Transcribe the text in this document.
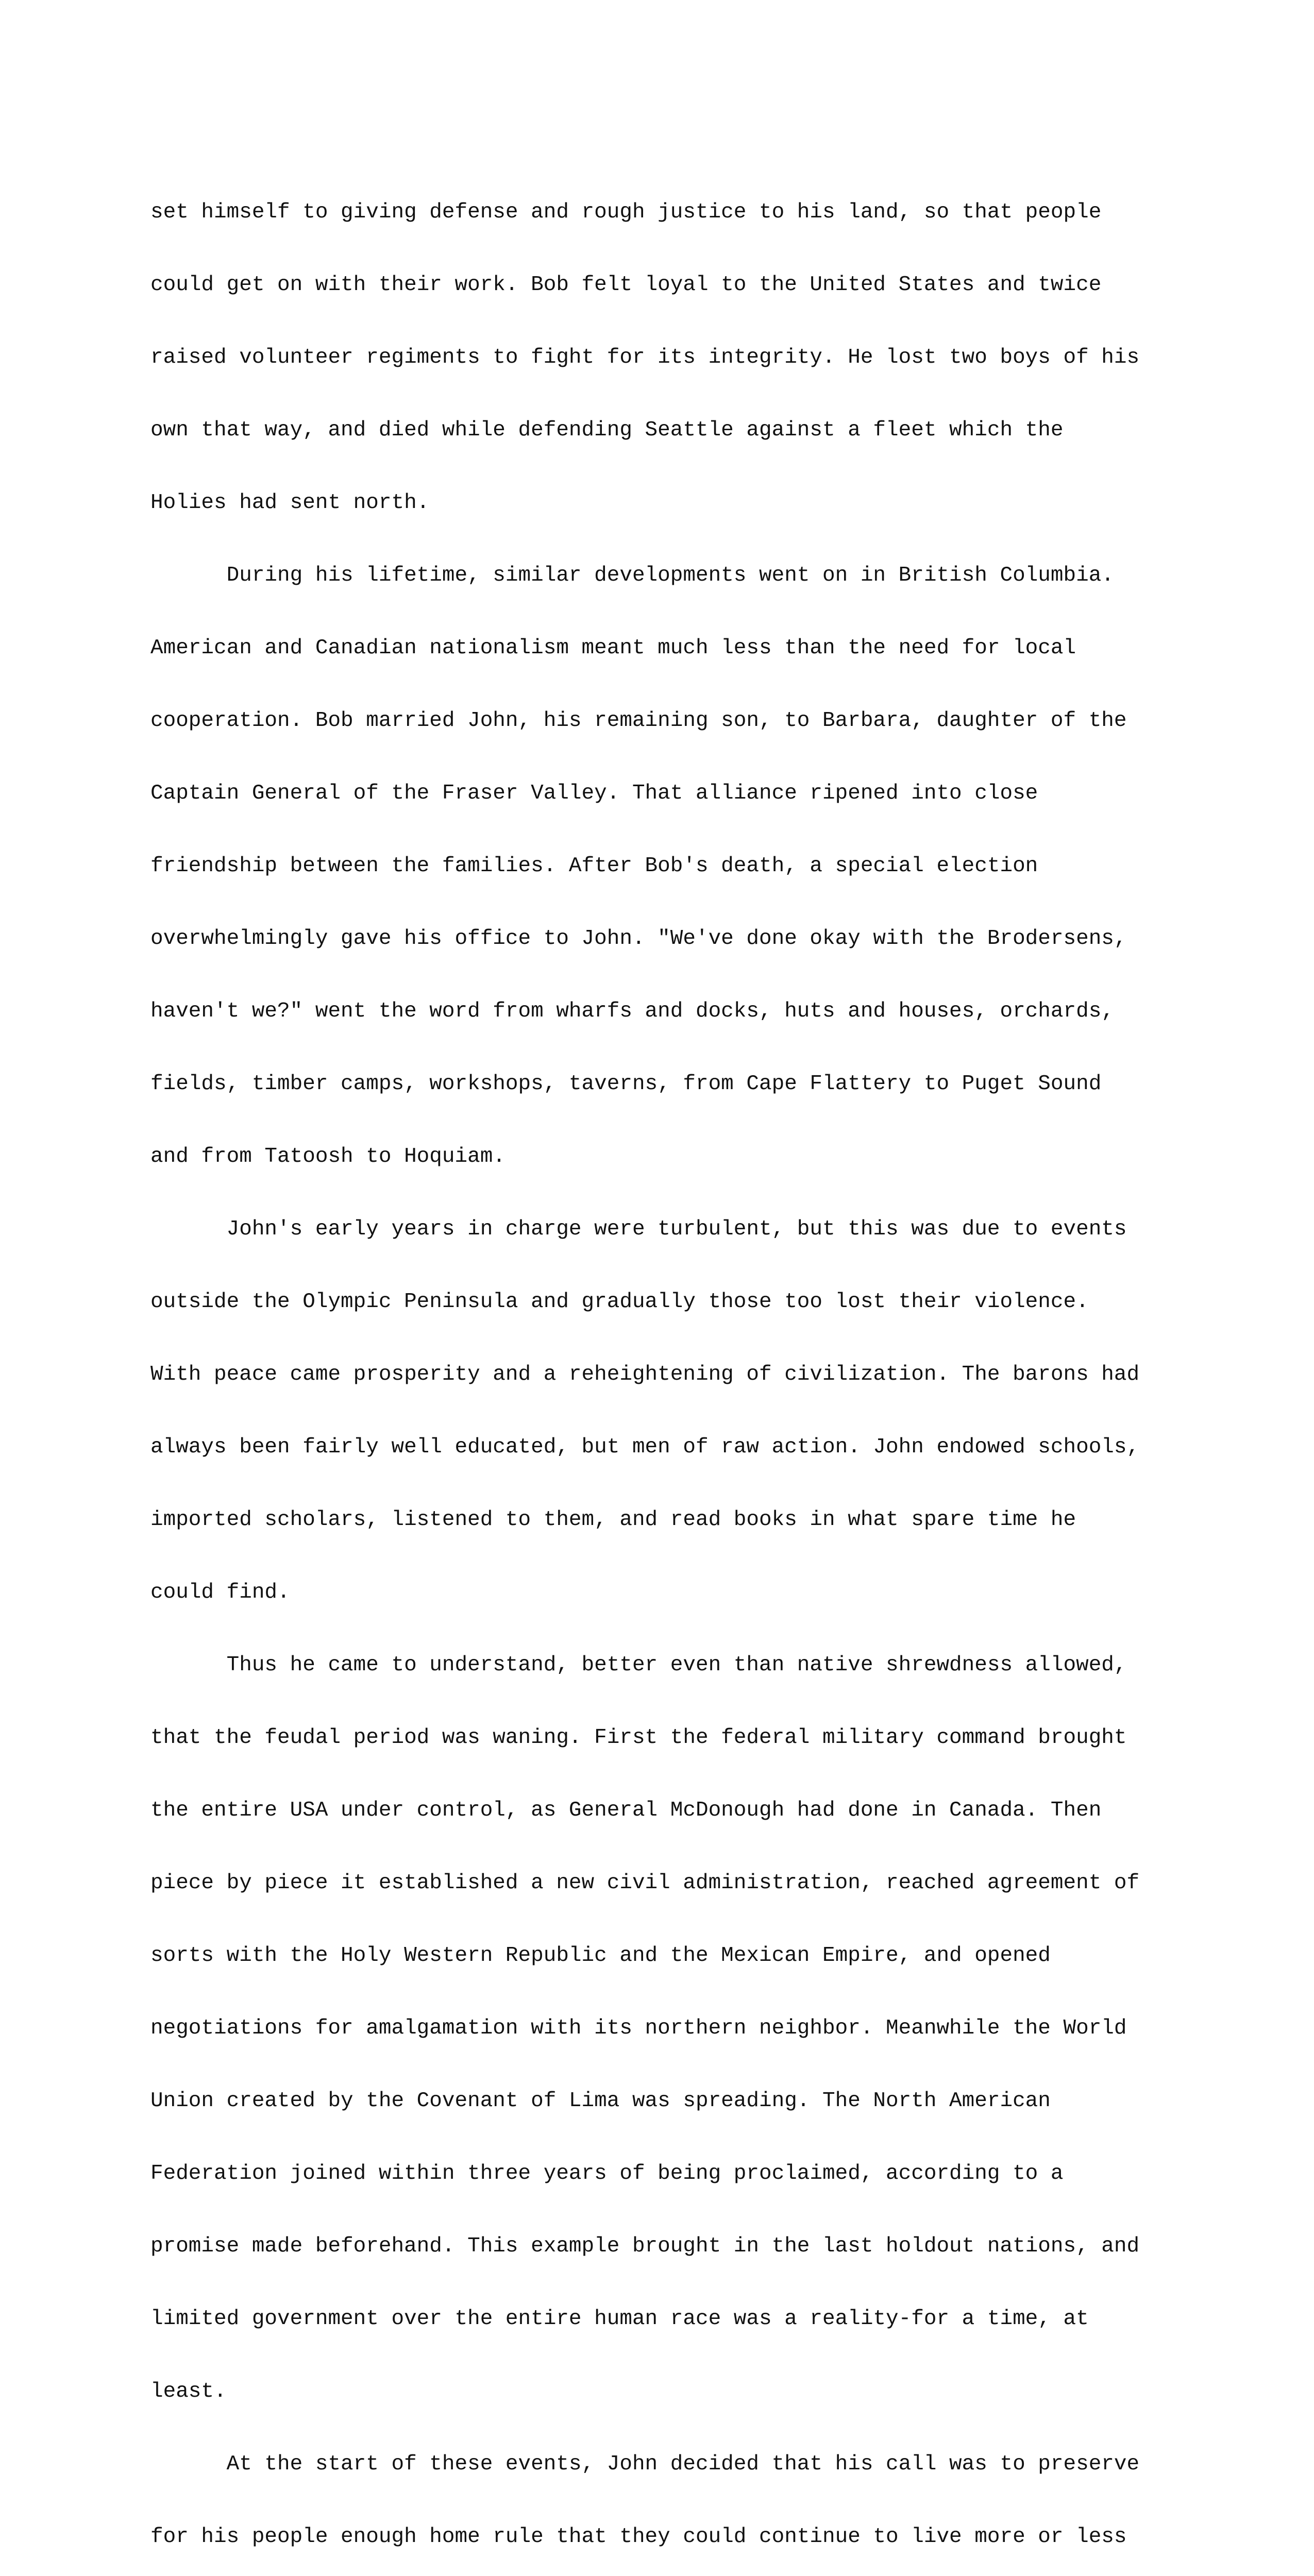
set himself to giving defense and rough justice to his land, so that people

could get on with their work. Bob felt loyal to the United States and twice

raised volunteer regiments to fight for its integrity. He lost two boys of his

own that way, and died while defending Seattle against a fleet which the

Holies had sent north.

During his lifetime, similar developments went on in British Columbia.

American and Canadian nationalism meant much less than the need for local

cooperation. Bob married John, his remaining son, to Barbara, daughter of the

Captain General of the Fraser Valley. That alliance ripened into close

friendship between the families. After Bob's death, a special election

overwhelmingly gave his office to John. "We've done okay with the Brodersens,

haven't we?" went the word from wharfs and docks, huts and houses, orchards,

fields, timber camps, workshops, taverns, from Cape Flattery to Puget Sound

and from Tatoosh to Hoquiam.

John's early years in charge were turbulent, but this was due to events

outside the Olympic Peninsula and gradually those too lost their violence.

With peace came prosperity and a reheightening of civilization. The barons had

always been fairly well educated, but men of raw action. John endowed schools,

imported scholars, listened to them, and read books in what spare time he

could find.

Thus he came to understand, better even than native shrewdness allowed,

that the feudal period was waning. First the federal military command brought

the entire USA under control, as General McDonough had done in Canada. Then

piece by piece it established a new civil administration, reached agreement of

sorts with the Holy Western Republic and the Mexican Empire, and opened

negotiations for amalgamation with its northern neighbor. Meanwhile the World

Union created by the Covenant of Lima was spreading. The North American

Federation joined within three years of being proclaimed, according to a

promise made beforehand. This example brought in the last holdout nations, and

limited government over the entire human race was a reality-for a time, at

least.

At the start of these events, John decided that his call was to preserve

for his people enough home rule that they could continue to live more or less
